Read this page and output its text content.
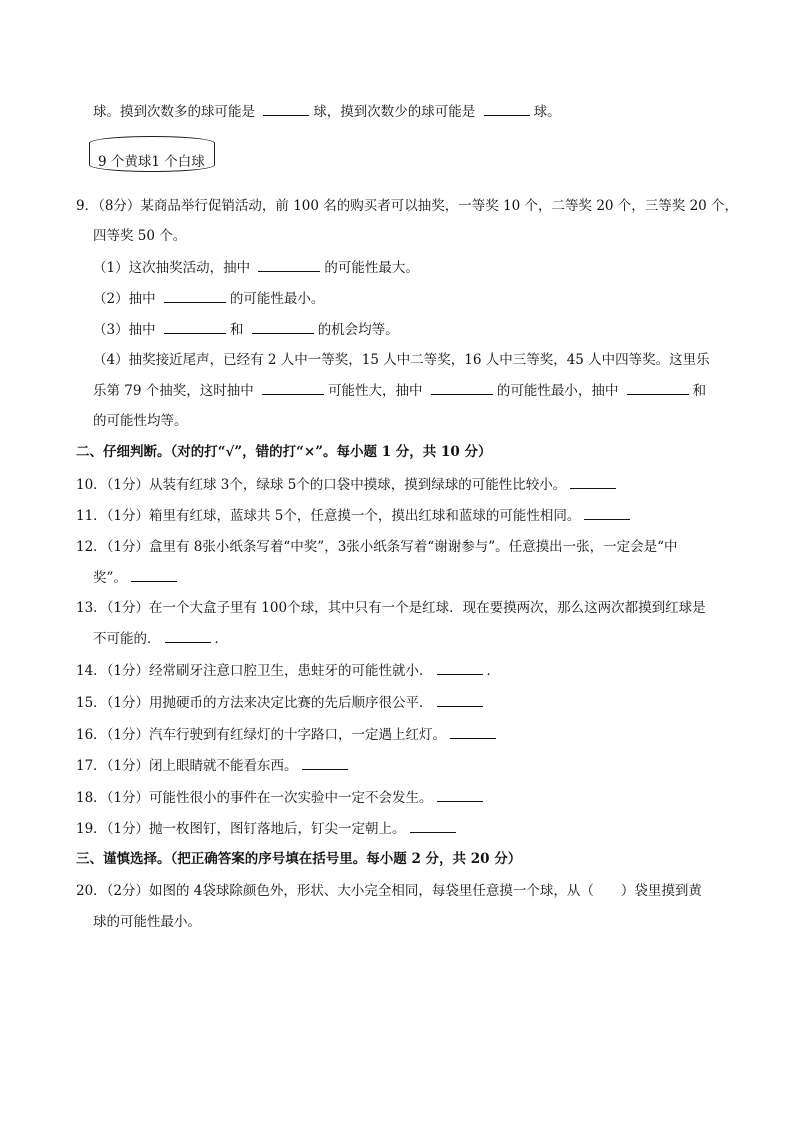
球。摸到次数多的球可能是	球，摸到次数少的球可能是	球。
9 个黄球1 个白球
9．（8分）某商品举行促销活动，前 100 名的购买者可以抽奖，一等奖 10 个，二等奖 20 个，三等奖 20 个，
四等奖 50 个。
（1）这次抽奖活动，抽中	的可能性最大。
（2）抽中	的可能性最小。
（3）抽中	和	的机会均等。
（4）抽奖接近尾声，已经有 2 人中一等奖，15 人中二等奖，16 人中三等奖，45 人中四等奖。这里乐
乐第 79 个抽奖，这时抽中	可能性大，抽中	的可能性最小，抽中	和
的可能性均等。
二、仔细判断。（对的打“√”，错的打“×”。每小题 1 分，共 10 分）
10．（1分）从装有红球 3个，绿球 5个的口袋中摸球，摸到绿球的可能性比较小。
11．（1分）箱里有红球，蓝球共 5个，任意摸一个，摸出红球和蓝球的可能性相同。
12．（1分）盒里有 8张小纸条写着“中奖”，3张小纸条写着“谢谢参与”。任意摸出一张，一定会是“中
奖”。
13．（1分）在一个大盒子里有 100个球，其中只有一个是红球．现在要摸两次，那么这两次都摸到红球是
不可能的．	．
14．（1分）经常刷牙注意口腔卫生，患蛀牙的可能性就小．	．
15．（1分）用抛硬币的方法来决定比赛的先后顺序很公平．
16．（1分）汽车行驶到有红绿灯的十字路口，一定遇上红灯。
17．（1分）闭上眼睛就不能看东西。
18．（1分）可能性很小的事件在一次实验中一定不会发生。
19．（1分）抛一枚图钉，图钉落地后，钉尖一定朝上。
三、谨慎选择。（把正确答案的序号填在括号里。每小题 2 分，共 20 分）
20．（2分）如图的 4袋球除颜色外，形状、大小完全相同，每袋里任意摸一个球，从（　　）袋里摸到黄
球的可能性最小。
